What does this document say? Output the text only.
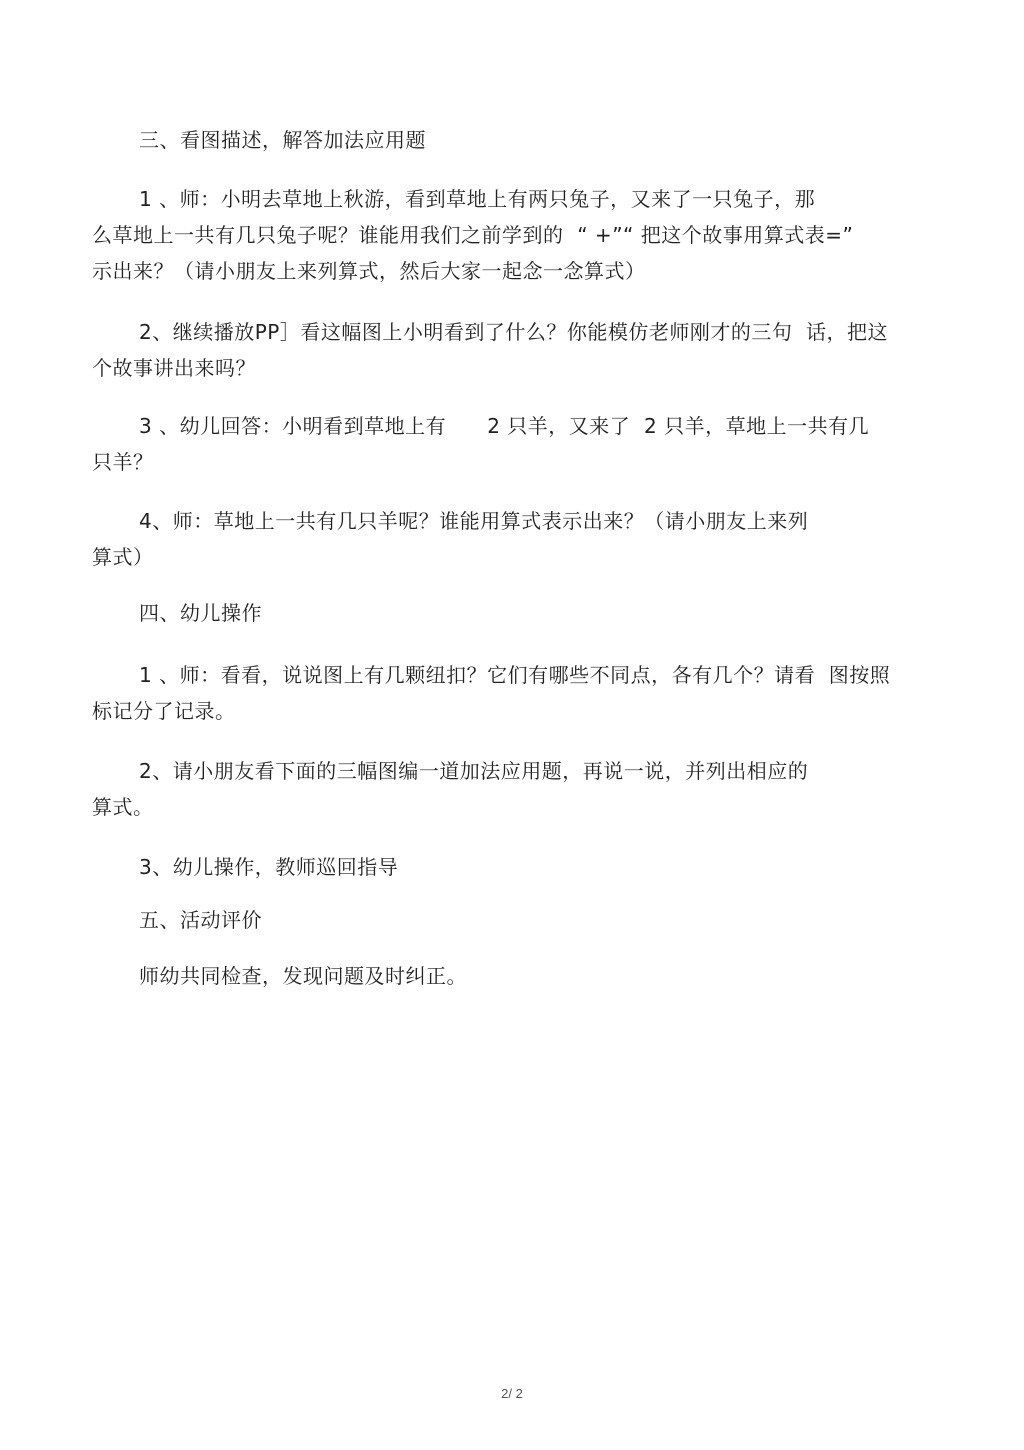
三、看图描述，解答加法应用题
1 、师：小明去草地上秋游，看到草地上有两只兔子，又来了一只兔子，那
么草地上一共有几只兔子呢？谁能用我们之前学到的  “ +”“ 把这个故事用算式表=”
示出来？（请小朋友上来列算式，然后大家一起念一念算式）
2、继续播放PP］看这幅图上小明看到了什么？你能模仿老师刚才的三句  话，把这
个故事讲出来吗？
3 、幼儿回答：小明看到草地上有      2 只羊，又来了  2 只羊，草地上一共有几
只羊？
4、师：草地上一共有几只羊呢？谁能用算式表示出来？（请小朋友上来列
算式）
四、幼儿操作
1 、师：看看，说说图上有几颗纽扣？它们有哪些不同点，各有几个？请看  图按照
标记分了记录。
2、请小朋友看下面的三幅图编一道加法应用题，再说一说，并列出相应的
算式。
3、幼儿操作，教师巡回指导
五、活动评价
师幼共同检查，发现问题及时纠正。
2/ 2
